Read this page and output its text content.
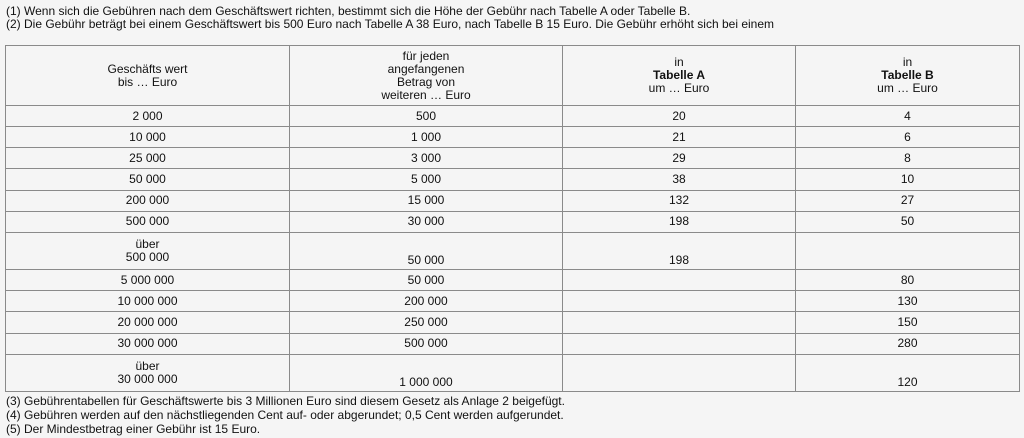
(1) Wenn sich die Gebühren nach dem Geschäftswert richten, bestimmt sich die Höhe der Gebühr nach Tabelle A oder Tabelle B.
(2) Die Gebühr beträgt bei einem Geschäftswert bis 500 Euro nach Tabelle A 38 Euro, nach Tabelle B 15 Euro. Die Gebühr erhöht sich bei einem
Geschäfts wert
bis … Euro	für jeden
angefangenen
Betrag von
weiteren … Euro	in
Tabelle A
um … Euro	in
Tabelle B
um … Euro

2 000	500	20	4
10 000	1 000	21	6
25 000	3 000	29	8
50 000	5 000	38	10
200 000	15 000	132	27
500 000	30 000	198	50

über
500 000	50 000	198	
5 000 000	50 000		80
10 000 000	200 000		130
20 000 000	250 000		150
30 000 000	500 000		280

über
30 000 000	1 000 000		120
(3) Gebührentabellen für Geschäftswerte bis 3 Millionen Euro sind diesem Gesetz als Anlage 2 beigefügt.
(4) Gebühren werden auf den nächstliegenden Cent auf- oder abgerundet; 0,5 Cent werden aufgerundet.
(5) Der Mindestbetrag einer Gebühr ist 15 Euro.
